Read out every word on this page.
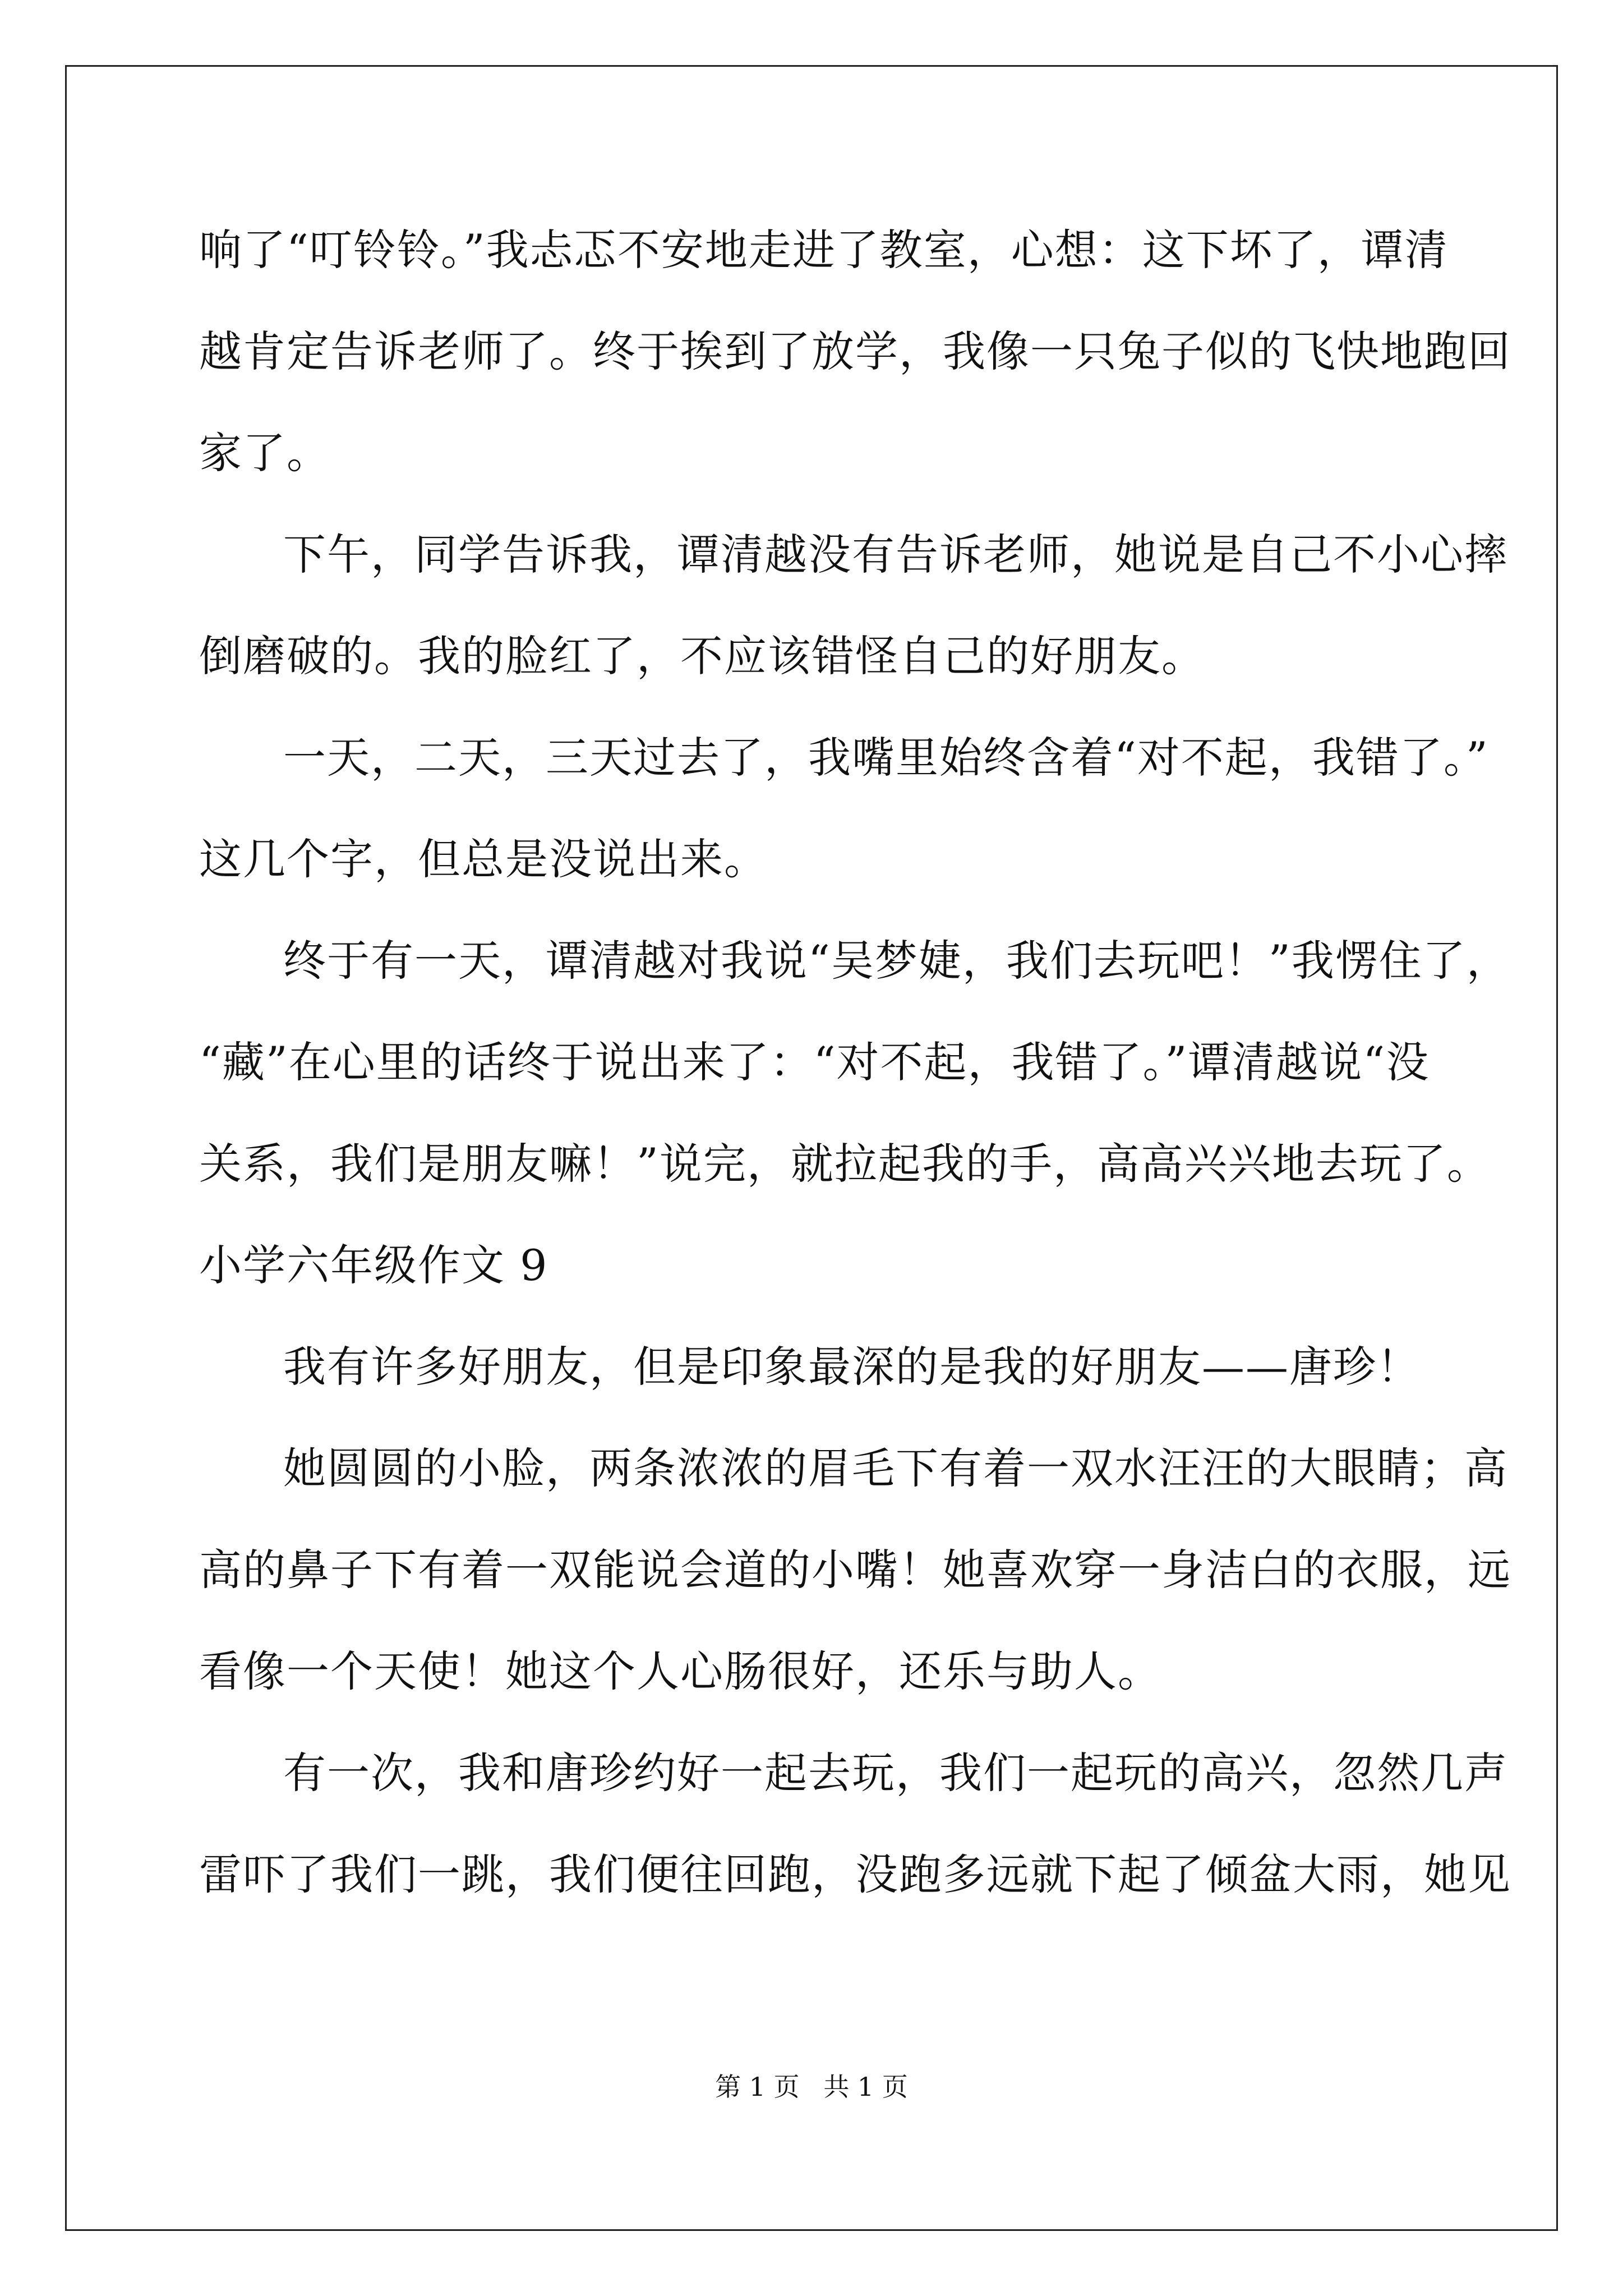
响了“叮铃铃。”我忐忑不安地走进了教室，心想：这下坏了，谭清
越肯定告诉老师了。终于挨到了放学，我像一只兔子似的飞快地跑回
家了。
下午，同学告诉我，谭清越没有告诉老师，她说是自己不小心摔
倒磨破的。我的脸红了，不应该错怪自己的好朋友。
一天，二天，三天过去了，我嘴里始终含着“对不起，我错了。”
这几个字，但总是没说出来。
终于有一天，谭清越对我说“吴梦婕，我们去玩吧！”我愣住了，
“藏”在心里的话终于说出来了：“对不起，我错了。”谭清越说“没
关系，我们是朋友嘛！”说完，就拉起我的手，高高兴兴地去玩了。
小学六年级作文 9
我有许多好朋友，但是印象最深的是我的好朋友——唐珍！
她圆圆的小脸，两条浓浓的眉毛下有着一双水汪汪的大眼睛；高
高的鼻子下有着一双能说会道的小嘴！她喜欢穿一身洁白的衣服，远
看像一个天使！她这个人心肠很好，还乐与助人。
有一次，我和唐珍约好一起去玩，我们一起玩的高兴，忽然几声
雷吓了我们一跳，我们便往回跑，没跑多远就下起了倾盆大雨，她见
第 1 页 共 1 页
